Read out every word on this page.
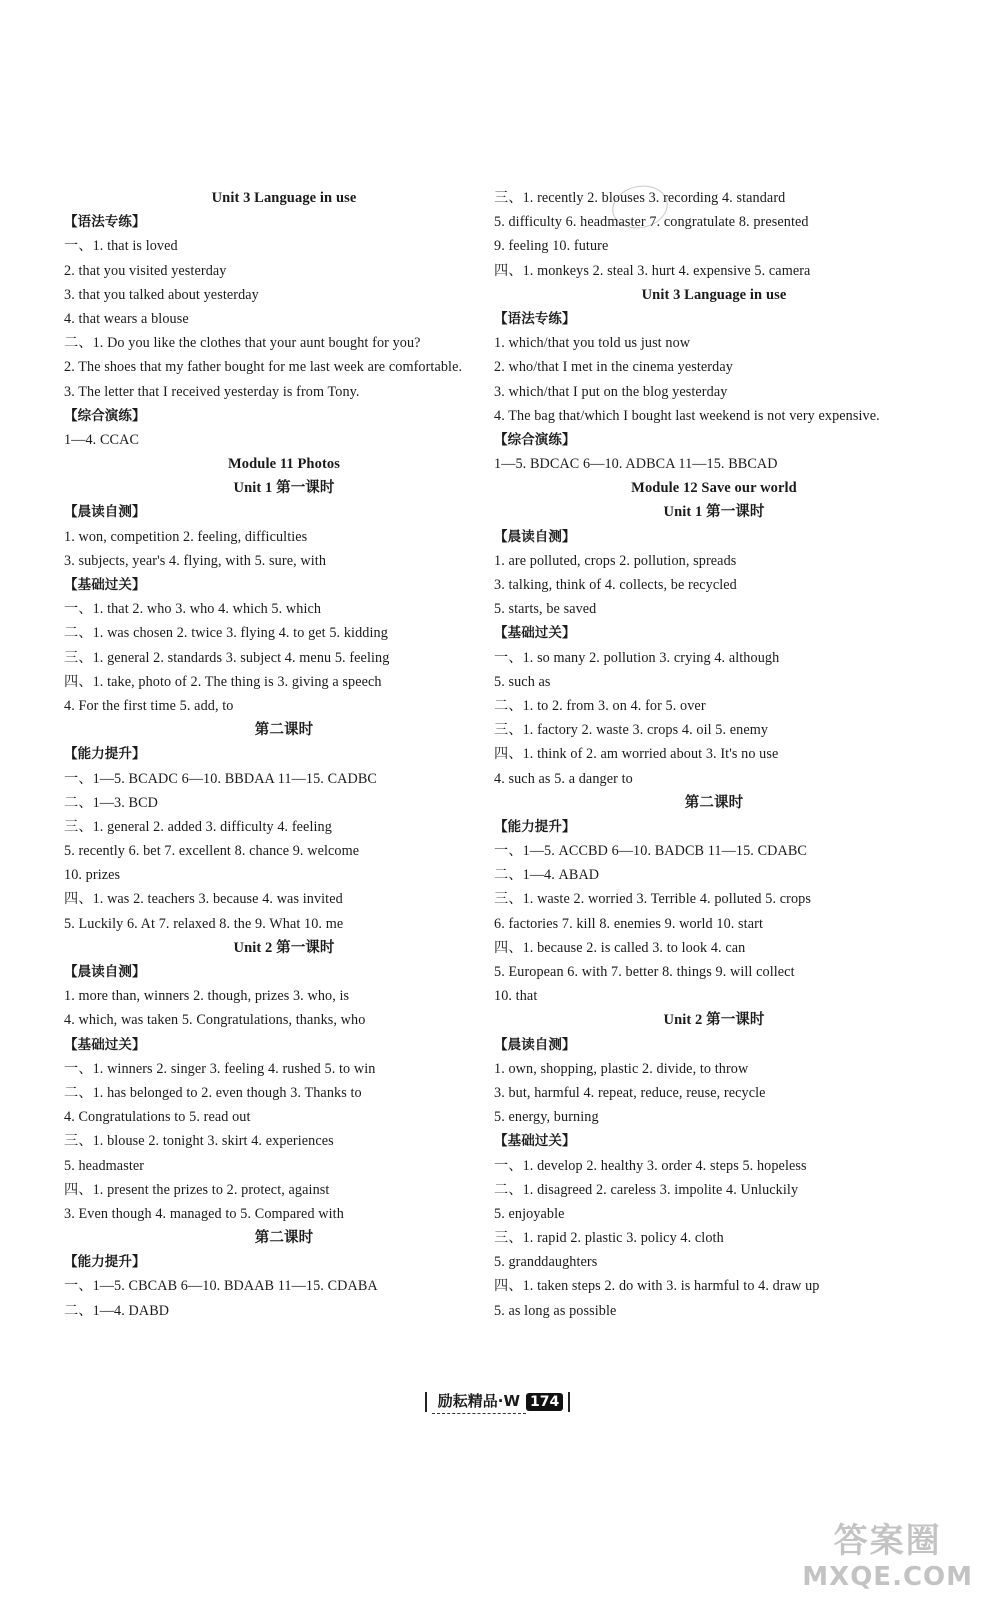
Unit 3 Language in use
【语法专练】
一、1. that is loved
2. that you visited yesterday
3. that you talked about yesterday
4. that wears a blouse
二、1. Do you like the clothes that your aunt bought for you?
2. The shoes that my father bought for me last week are comfortable.
3. The letter that I received yesterday is from Tony.
【综合演练】
1—4. CCAC
Module 11 Photos
Unit 1 第一课时
【晨读自测】
1. won, competition 2. feeling, difficulties
3. subjects, year's 4. flying, with 5. sure, with
【基础过关】
一、1. that 2. who 3. who 4. which 5. which
二、1. was chosen 2. twice 3. flying 4. to get 5. kidding
三、1. general 2. standards 3. subject 4. menu 5. feeling
四、1. take, photo of 2. The thing is 3. giving a speech
4. For the first time 5. add, to
第二课时
【能力提升】
一、1—5. BCADC 6—10. BBDAA 11—15. CADBC
二、1—3. BCD
三、1. general 2. added 3. difficulty 4. feeling
5. recently 6. bet 7. excellent 8. chance 9. welcome
10. prizes
四、1. was 2. teachers 3. because 4. was invited
5. Luckily 6. At 7. relaxed 8. the 9. What 10. me
Unit 2 第一课时
【晨读自测】
1. more than, winners 2. though, prizes 3. who, is
4. which, was taken 5. Congratulations, thanks, who
【基础过关】
一、1. winners 2. singer 3. feeling 4. rushed 5. to win
二、1. has belonged to 2. even though 3. Thanks to
4. Congratulations to 5. read out
三、1. blouse 2. tonight 3. skirt 4. experiences
5. headmaster
四、1. present the prizes to 2. protect, against
3. Even though 4. managed to 5. Compared with
第二课时
【能力提升】
一、1—5. CBCAB 6—10. BDAAB 11—15. CDABA
二、1—4. DABD
三、1. recently 2. blouses 3. recording 4. standard
5. difficulty 6. headmaster 7. congratulate 8. presented
9. feeling 10. future
四、1. monkeys 2. steal 3. hurt 4. expensive 5. camera
Unit 3 Language in use
【语法专练】
1. which/that you told us just now
2. who/that I met in the cinema yesterday
3. which/that I put on the blog yesterday
4. The bag that/which I bought last weekend is not very expensive.
【综合演练】
1—5. BDCAC 6—10. ADBCA 11—15. BBCAD
Module 12 Save our world
Unit 1 第一课时
【晨读自测】
1. are polluted, crops 2. pollution, spreads
3. talking, think of 4. collects, be recycled
5. starts, be saved
【基础过关】
一、1. so many 2. pollution 3. crying 4. although
5. such as
二、1. to 2. from 3. on 4. for 5. over
三、1. factory 2. waste 3. crops 4. oil 5. enemy
四、1. think of 2. am worried about 3. It's no use
4. such as 5. a danger to
第二课时
【能力提升】
一、1—5. ACCBD 6—10. BADCB 11—15. CDABC
二、1—4. ABAD
三、1. waste 2. worried 3. Terrible 4. polluted 5. crops
6. factories 7. kill 8. enemies 9. world 10. start
四、1. because 2. is called 3. to look 4. can
5. European 6. with 7. better 8. things 9. will collect
10. that
Unit 2 第一课时
【晨读自测】
1. own, shopping, plastic 2. divide, to throw
3. but, harmful 4. repeat, reduce, reuse, recycle
5. energy, burning
【基础过关】
一、1. develop 2. healthy 3. order 4. steps 5. hopeless
二、1. disagreed 2. careless 3. impolite 4. Unluckily
5. enjoyable
三、1. rapid 2. plastic 3. policy 4. cloth
5. granddaughters
四、1. taken steps 2. do with 3. is harmful to 4. draw up
5. as long as possible
励耘精品·W 174
答案圈
MXQE.COM
